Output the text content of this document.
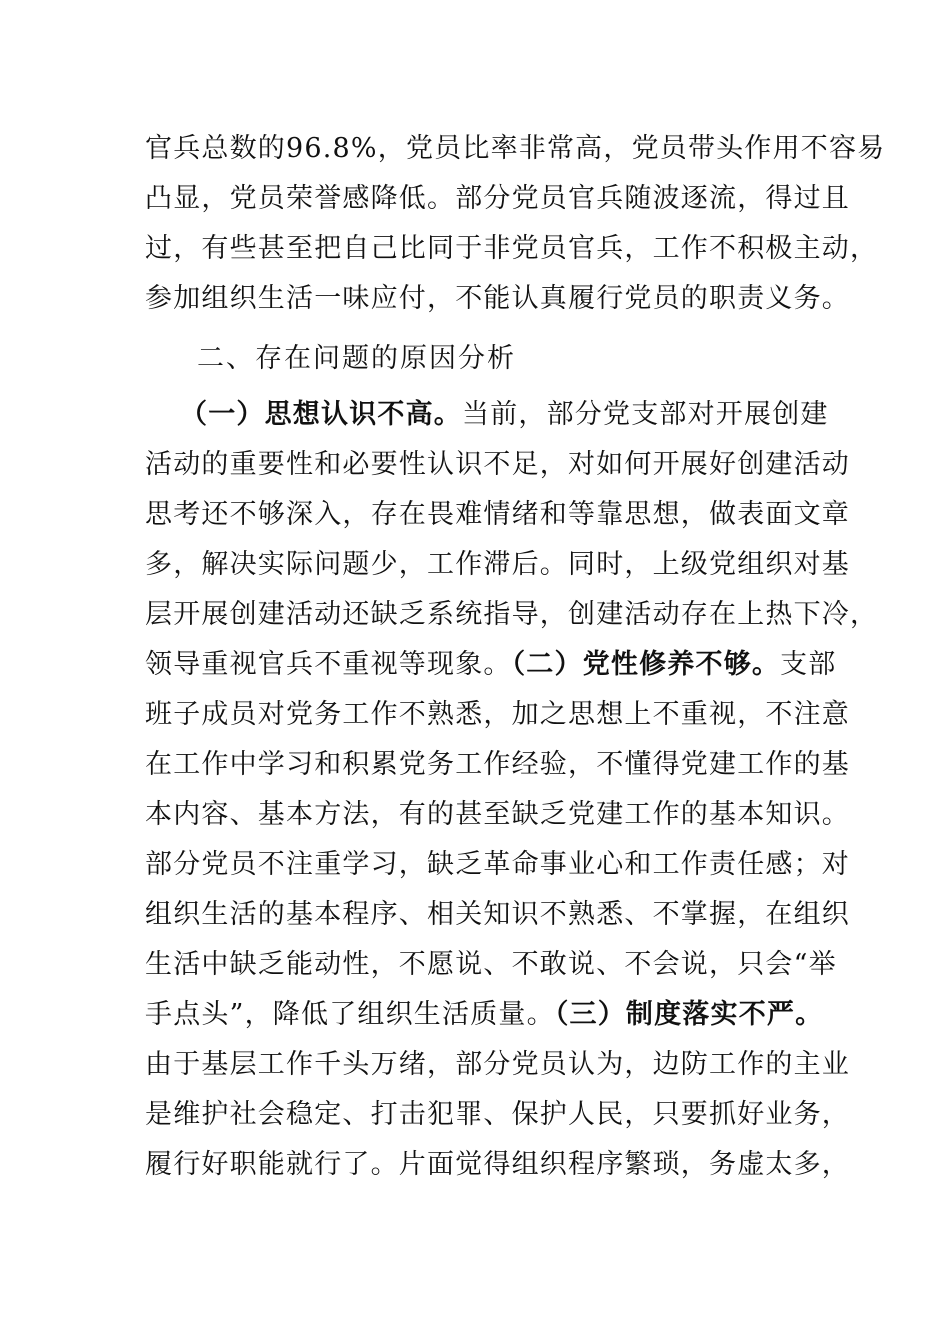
官兵总数的96.8%，党员比率非常高，党员带头作用不容易
凸显，党员荣誉感降低。部分党员官兵随波逐流，得过且
过，有些甚至把自己比同于非党员官兵，工作不积极主动，
参加组织生活一味应付，不能认真履行党员的职责义务。
二、存在问题的原因分析
（一）思想认识不高。当前，部分党支部对开展创建
活动的重要性和必要性认识不足，对如何开展好创建活动
思考还不够深入，存在畏难情绪和等靠思想，做表面文章
多，解决实际问题少，工作滞后。同时，上级党组织对基
层开展创建活动还缺乏系统指导，创建活动存在上热下冷，
领导重视官兵不重视等现象。（二）党性修养不够。支部
班子成员对党务工作不熟悉，加之思想上不重视，不注意
在工作中学习和积累党务工作经验，不懂得党建工作的基
本内容、基本方法，有的甚至缺乏党建工作的基本知识。
部分党员不注重学习，缺乏革命事业心和工作责任感；对
组织生活的基本程序、相关知识不熟悉、不掌握，在组织
生活中缺乏能动性，不愿说、不敢说、不会说，只会“举
手点头”，降低了组织生活质量。（三）制度落实不严。
由于基层工作千头万绪，部分党员认为，边防工作的主业
是维护社会稳定、打击犯罪、保护人民，只要抓好业务，
履行好职能就行了。片面觉得组织程序繁琐，务虚太多，
